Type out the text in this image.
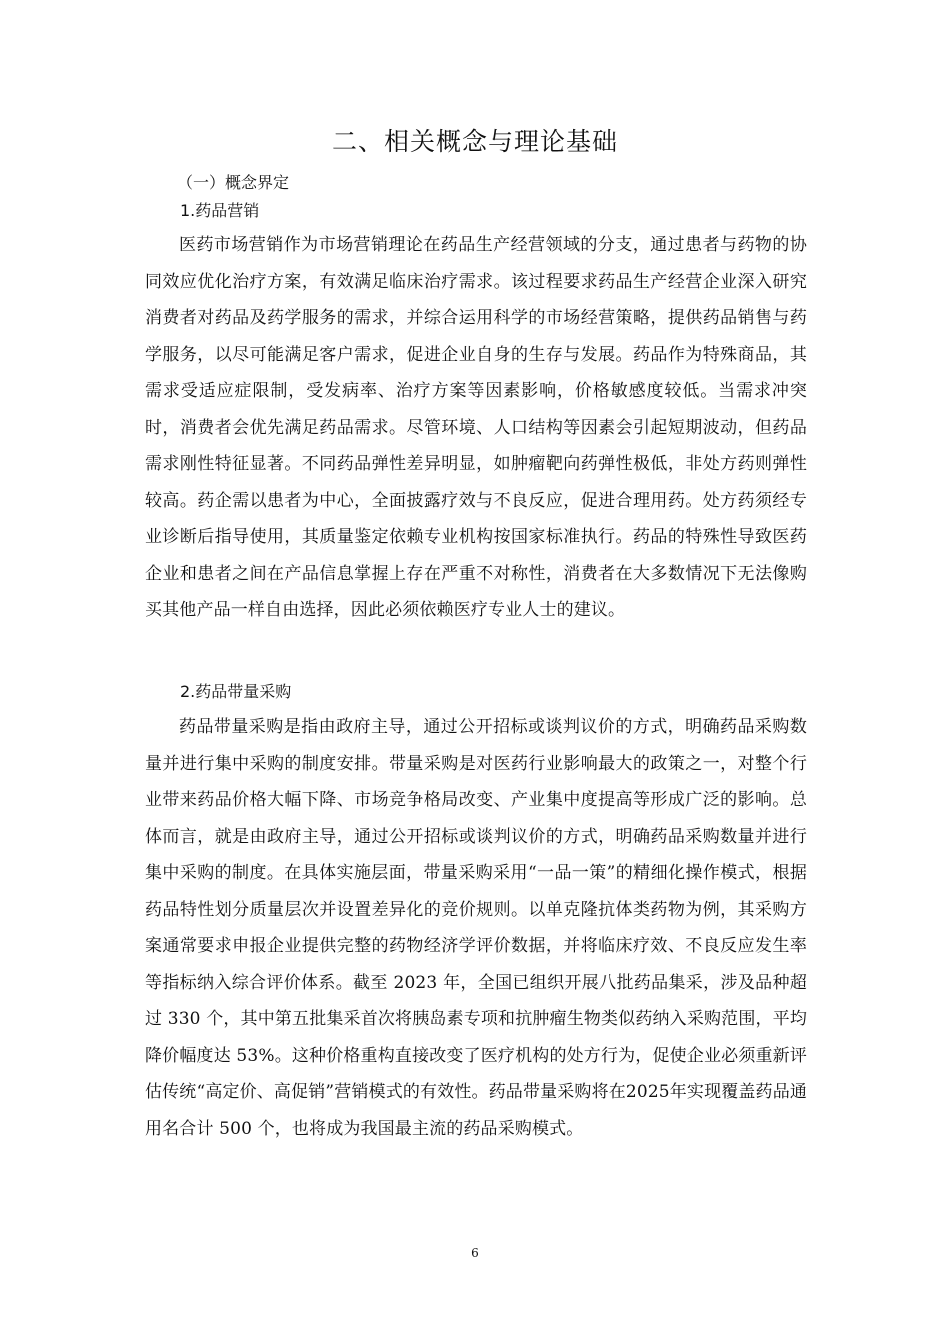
二、相关概念与理论基础
（一）概念界定
1.药品营销

医药市场营销作为市场营销理论在药品生产经营领域的分支，通过患者与药物的协同效应优化治疗方案，有效满足临床治疗需求。该过程要求药品生产经营企业深入研究消费者对药品及药学服务的需求，并综合运用科学的市场经营策略，提供药品销售与药学服务，以尽可能满足客户需求，促进企业自身的生存与发展。药品作为特殊商品，其需求受适应症限制，受发病率、治疗方案等因素影响，价格敏感度较低。当需求冲突时，消费者会优先满足药品需求。尽管环境、人口结构等因素会引起短期波动，但药品需求刚性特征显著。不同药品弹性差异明显，如肿瘤靶向药弹性极低，非处方药则弹性较高。药企需以患者为中心，全面披露疗效与不良反应，促进合理用药。处方药须经专业诊断后指导使用，其质量鉴定依赖专业机构按国家标准执行。药品的特殊性导致医药企业和患者之间在产品信息掌握上存在严重不对称性，消费者在大多数情况下无法像购买其他产品一样自由选择，因此必须依赖医疗专业人士的建议。

2.药品带量采购

药品带量采购是指由政府主导，通过公开招标或谈判议价的方式，明确药品采购数量并进行集中采购的制度安排。带量采购是对医药行业影响最大的政策之一，对整个行业带来药品价格大幅下降、市场竞争格局改变、产业集中度提高等形成广泛的影响。总体而言，就是由政府主导，通过公开招标或谈判议价的方式，明确药品采购数量并进行集中采购的制度。在具体实施层面，带量采购采用“一品一策”的精细化操作模式，根据药品特性划分质量层次并设置差异化的竞价规则。以单克隆抗体类药物为例，其采购方案通常要求申报企业提供完整的药物经济学评价数据，并将临床疗效、不良反应发生率等指标纳入综合评价体系。截至 2023 年，全国已组织开展八批药品集采，涉及品种超过 330 个，其中第五批集采首次将胰岛素专项和抗肿瘤生物类似药纳入采购范围，平均降价幅度达 53%。这种价格重构直接改变了医疗机构的处方行为，促使企业必须重新评估传统“高定价、高促销”营销模式的有效性。药品带量采购将在2025年实现覆盖药品通用名合计 500 个，也将成为我国最主流的药品采购模式。

6
